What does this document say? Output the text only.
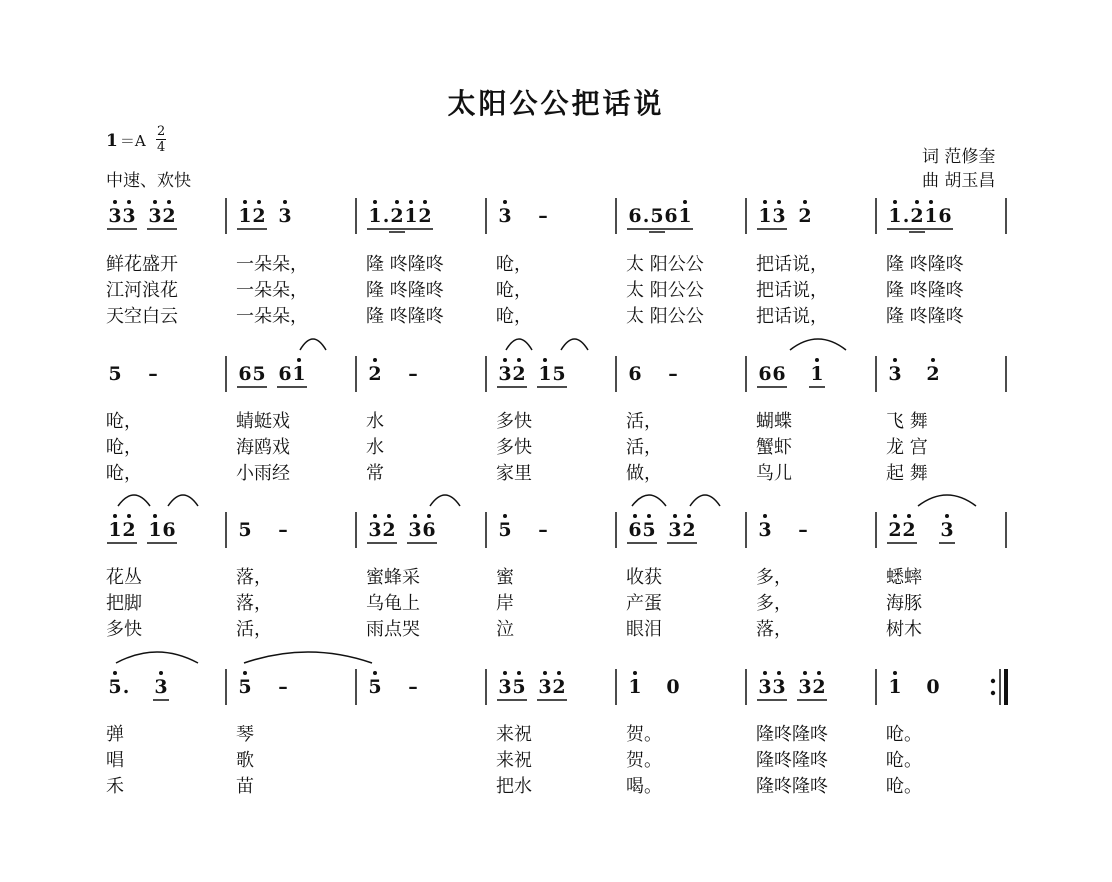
太阳公公把话说
1 ＝A
2
4
中速、欢快
词 范修奎
曲 胡玉昌
3 3 3 2	1 2 3	1 . 2 1 2	3 –	6 . 5 6 1	1 3 2	1 . 2 1 6
5 –	6 5 6 1	2 –	3 2 1 5	6 –	6 6 1	3 2
1 2 1 6	5 –	3 2 3 6	5 –	6 5 3 2	3 –	2 2 3
5 . 3	5 –	5 –	3 5 3 2	1 0	3 3 3 2	1 0
鲜花盛开	一朵朵，	隆 咚隆咚	呛，	太 阳公公	把话说，	隆 咚隆咚
江河浪花	一朵朵，	隆 咚隆咚	呛，	太 阳公公	把话说，	隆 咚隆咚
天空白云	一朵朵，	隆 咚隆咚	呛，	太 阳公公	把话说，	隆 咚隆咚
呛，	蜻蜓戏	水	多快	活，	蝴蝶	飞 舞
呛，	海鸥戏	水	多快	活，	蟹虾	龙 宫
呛，	小雨经	常	家里	做，	鸟儿	起 舞
花丛	落，	蜜蜂采	蜜	收获	多，	蟋蟀
把脚	落，	乌龟上	岸	产蛋	多，	海豚
多快	活，	雨点哭	泣	眼泪	落，	树木
弹	琴	来祝	贺。	隆咚隆咚	呛。
唱	歌	来祝	贺。	隆咚隆咚	呛。
禾	苗	把水	喝。	隆咚隆咚	呛。
